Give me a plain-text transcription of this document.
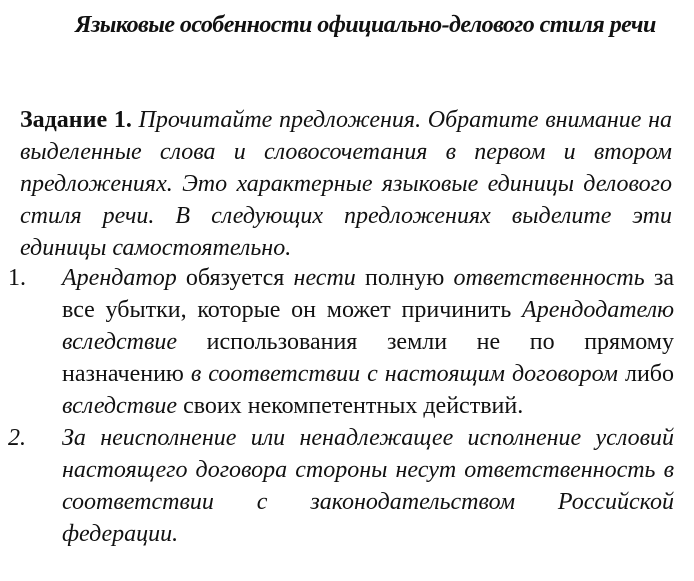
Языковые особенности официально-делового стиля речи

Задание 1. Прочитайте предложения. Обратите внимание на выделенные слова и словосочетания в первом и втором предложениях. Это характерные языковые единицы делового стиля речи. В следующих предложениях выделите эти единицы самостоятельно.

1. Арендатор обязуется нести полную ответственность за все убытки, которые он может причинить Арендодателю вследствие использования земли не по прямому назначению в соответствии с настоящим договором либо вследствие своих некомпетентных действий.
2. За неисполнение или ненадлежащее исполнение условий настоящего договора стороны несут ответственность в соответствии с законодательством Российской федерации.
